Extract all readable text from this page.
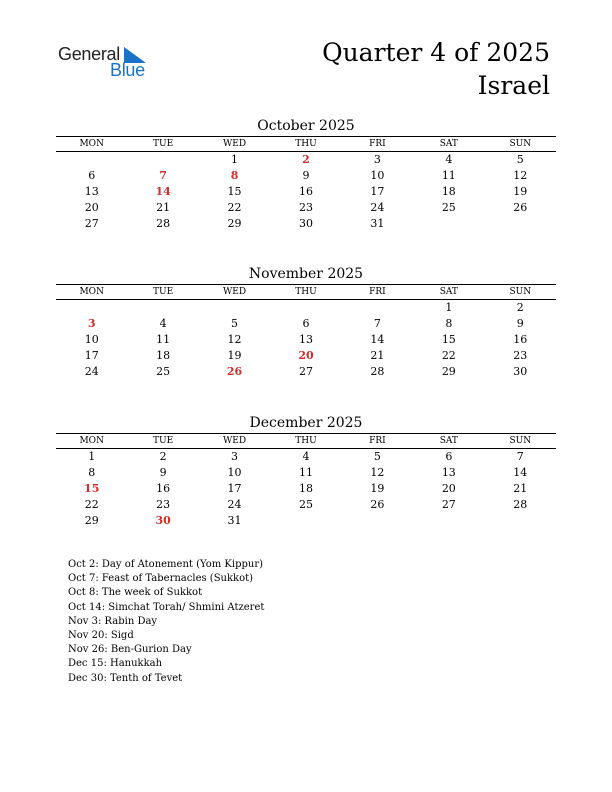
General
Blue
Quarter 4 of 2025
Israel
October 2025
MON	TUE	WED	THU	FRI	SAT	SUN
		1	2	3	4	5
6	7	8	9	10	11	12
13	14	15	16	17	18	19
20	21	22	23	24	25	26
27	28	29	30	31		
November 2025
MON	TUE	WED	THU	FRI	SAT	SUN
					1	2
3	4	5	6	7	8	9
10	11	12	13	14	15	16
17	18	19	20	21	22	23
24	25	26	27	28	29	30
December 2025
MON	TUE	WED	THU	FRI	SAT	SUN
1	2	3	4	5	6	7
8	9	10	11	12	13	14
15	16	17	18	19	20	21
22	23	24	25	26	27	28
29	30	31				
Oct 2: Day of Atonement (Yom Kippur)
Oct 7: Feast of Tabernacles (Sukkot)
Oct 8: The week of Sukkot
Oct 14: Simchat Torah/ Shmini Atzeret
Nov 3: Rabin Day
Nov 20: Sigd
Nov 26: Ben-Gurion Day
Dec 15: Hanukkah
Dec 30: Tenth of Tevet
